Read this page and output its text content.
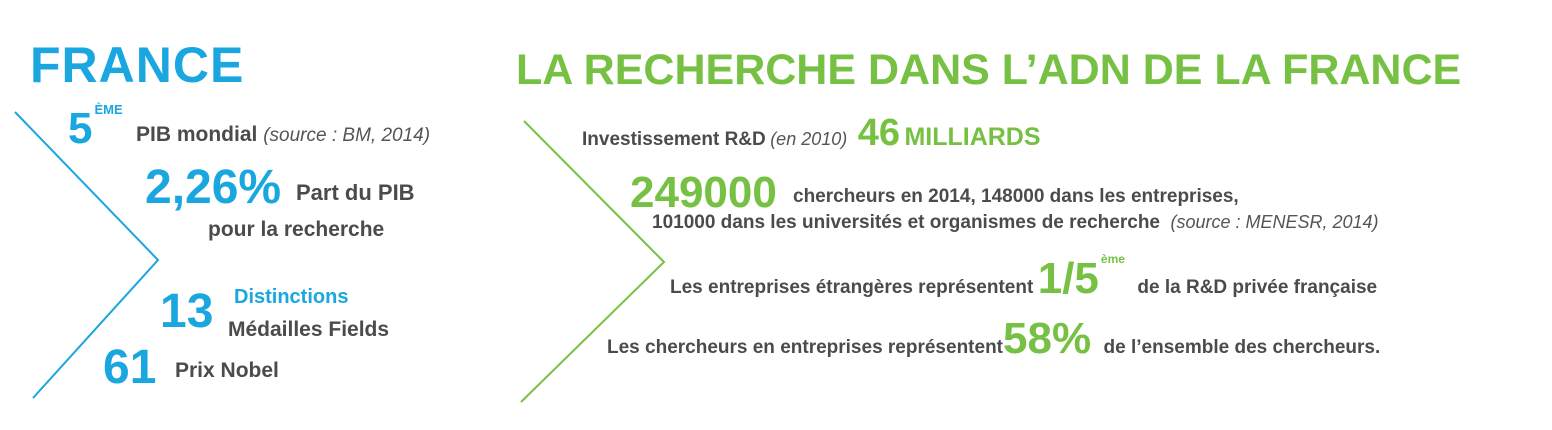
FRANCE
5 $^{ÈME}$
PIB mondial (source : BM, 2014)
2,26% Part du PIB
pour la recherche
13 Distinctions
Médailles Fields
61 Prix Nobel
LA RECHERCHE DANS L’ADN DE LA FRANCE
Investissement R&D (en 2010) 46 MILLIARDS
249000 chercheurs en 2014, 148000 dans les entreprises,
101000 dans les universités et organismes de recherche (source : MENESR, 2014)
Les entreprises étrangères représentent 1/5 $^{ème}$ de la R&D privée française
Les chercheurs en entreprises représentent58% de l’ensemble des chercheurs.
